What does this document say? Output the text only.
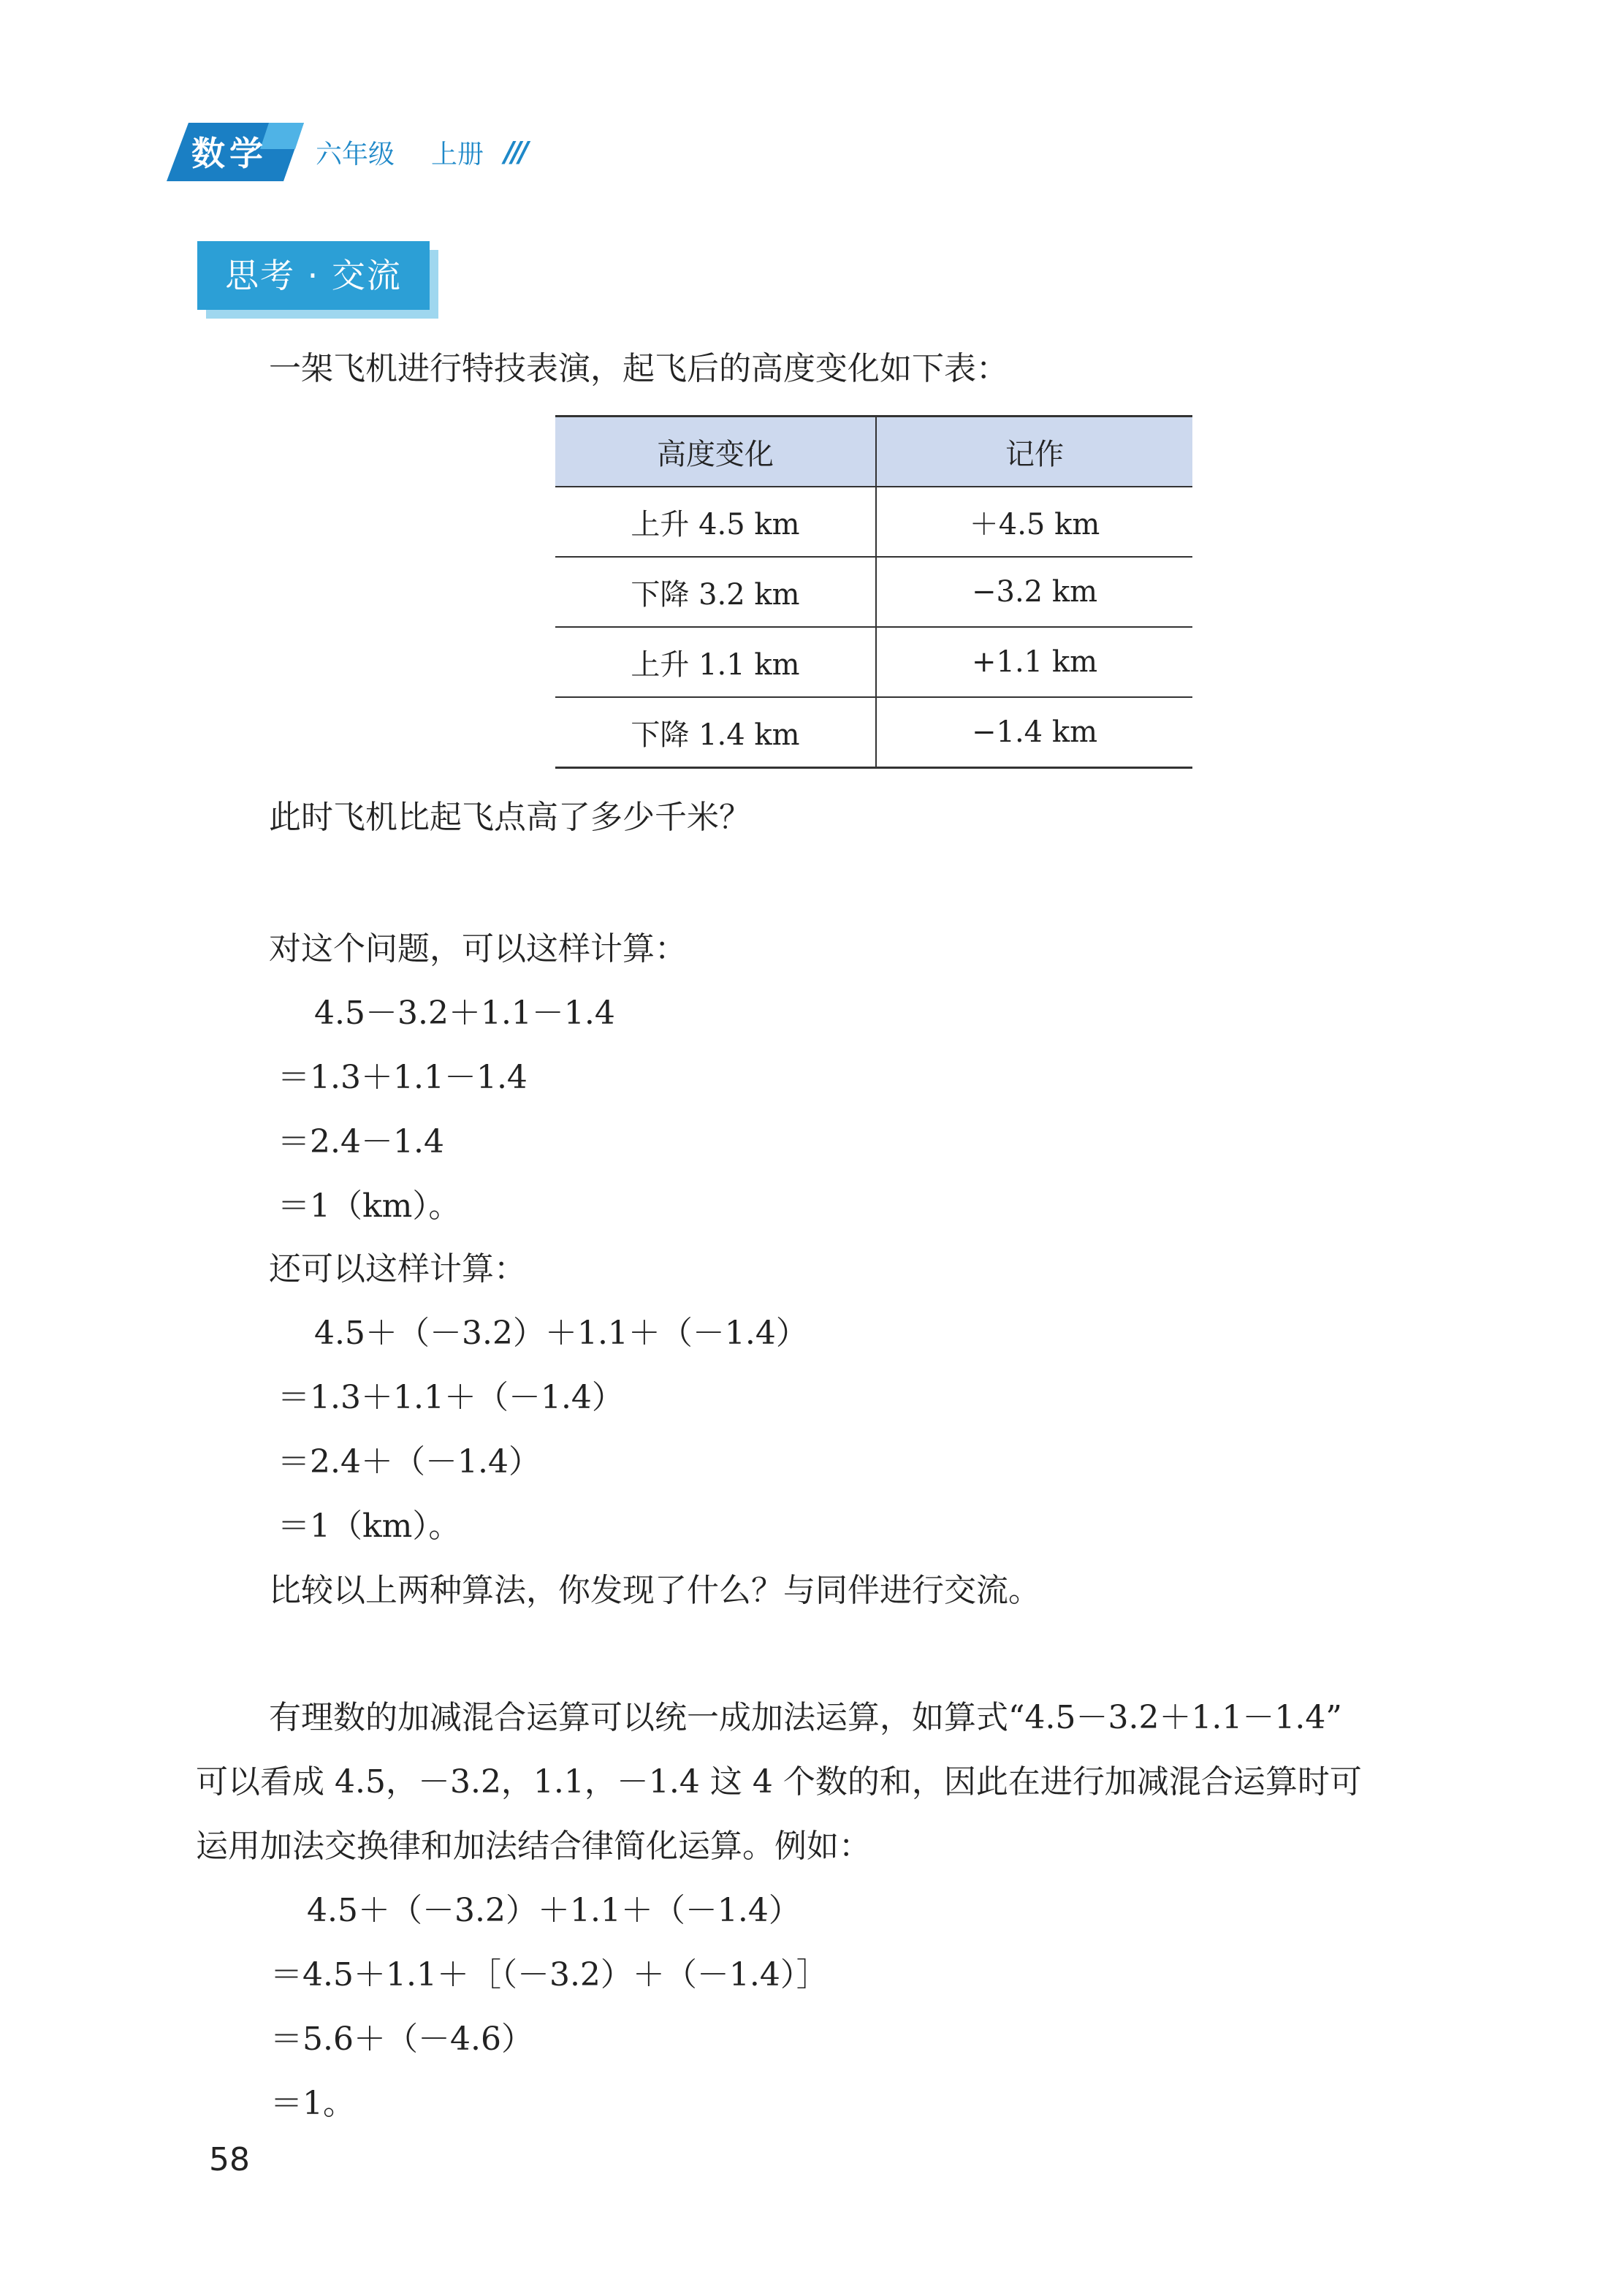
数学 六年级 上册 ///
思考 · 交流
一架飞机进行特技表演，起飞后的高度变化如下表：
高度变化	记作
上升 4.5 km	＋4.5 km
下降 3.2 km	−3.2 km
上升 1.1 km	+1.1 km
下降 1.4 km	−1.4 km
此时飞机比起飞点高了多少千米？
对这个问题，可以这样计算：
4.5－3.2＋1.1－1.4
＝1.3＋1.1－1.4
＝2.4－1.4
＝1（km）。
还可以这样计算：
4.5＋（－3.2）＋1.1＋（－1.4）
＝1.3＋1.1＋（－1.4）
＝2.4＋（－1.4）
＝1（km）。
比较以上两种算法，你发现了什么？与同伴进行交流。
有理数的加减混合运算可以统一成加法运算，如算式“4.5－3.2＋1.1－1.4”
可以看成 4.5，－3.2，1.1，－1.4 这 4 个数的和，因此在进行加减混合运算时可
运用加法交换律和加法结合律简化运算。例如：
4.5＋（－3.2）＋1.1＋（－1.4）
＝4.5＋1.1＋［（－3.2）＋（－1.4）］
＝5.6＋（－4.6）
＝1。
58
